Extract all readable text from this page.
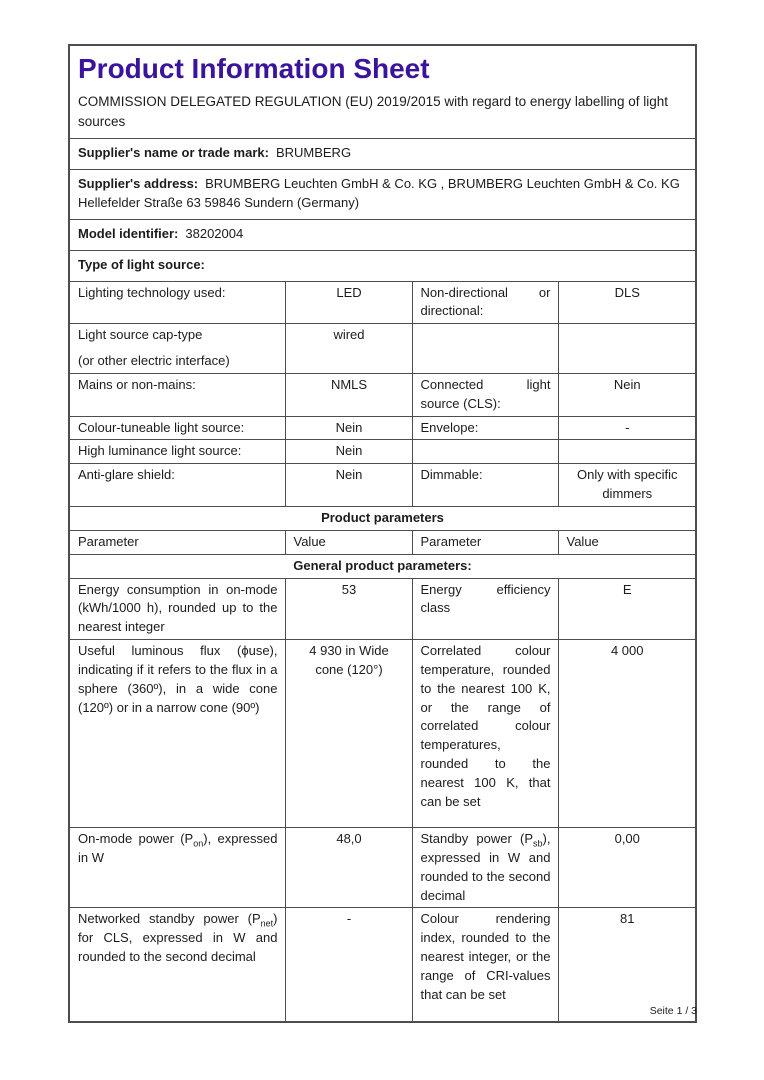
Product Information Sheet
COMMISSION DELEGATED REGULATION (EU) 2019/2015 with regard to energy labelling of light sources
Supplier's name or trade mark: BRUMBERG
Supplier's address: BRUMBERG Leuchten GmbH & Co. KG , BRUMBERG Leuchten GmbH & Co. KG Hellefelder Straße 63 59846 Sundern (Germany)
Model identifier: 38202004
Type of light source:
Lighting technology used:	LED	Non-directional or directional:	DLS

Light source cap-type
(or other electric interface)	wired		
Mains or non-mains:	NMLS	Connected light source (CLS):	Nein
Colour-tuneable light source:	Nein	Envelope:	-
High luminance light source:	Nein		
Anti-glare shield:	Nein	Dimmable:	Only with specific dimmers
Product parameters
Parameter	Value	Parameter	Value
General product parameters:
Energy consumption in on-mode (kWh/1000 h), rounded up to the nearest integer	53	Energy efficiency class	E
Useful luminous flux (ϕuse), indicating if it refers to the flux in a sphere (360º), in a wide cone (120º) or in a narrow cone (90º)	4 930 in Wide cone (120°)	Correlated colour temperature, rounded to the nearest 100 K, or the range of correlated colour temperatures, rounded to the nearest 100 K, that can be set	4 000
On-mode power $(P_{on})$, expressed in W	48,0	Standby power $(P_{sb})$, expressed in W and rounded to the second decimal	0,00
Networked standby power $(P_{net})$ for CLS, expressed in W and rounded to the second decimal	-	Colour rendering index, rounded to the nearest integer, or the range of CRI-values that can be set	81
Seite 1 / 3
